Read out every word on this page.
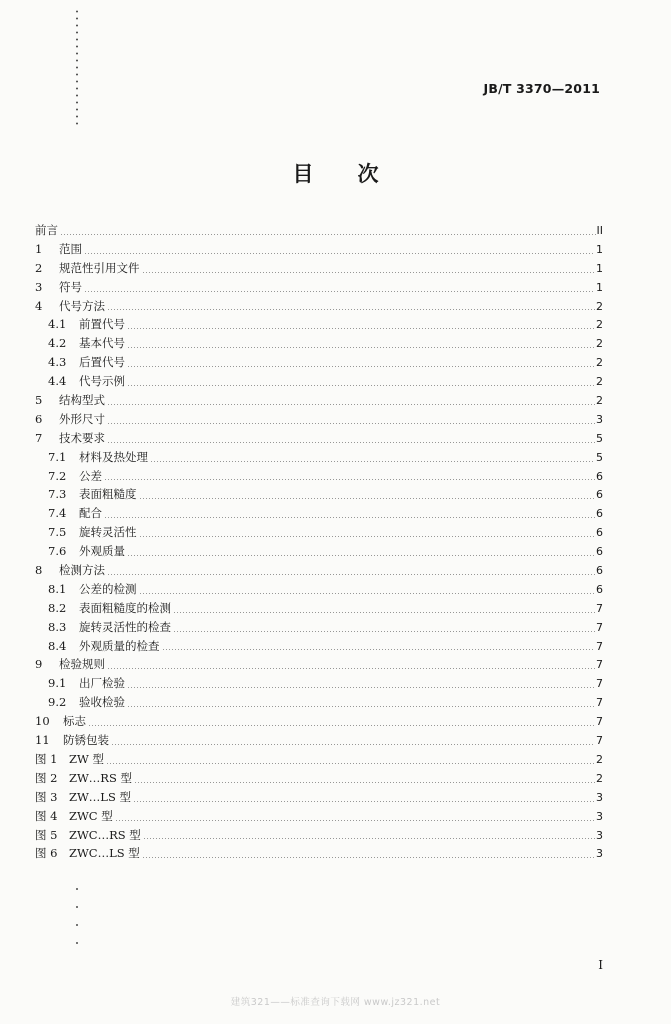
JB/T 3370—2011
目次
前言	II
1	范围	1
2	规范性引用文件	1
3	符号	1
4	代号方法	2
4.1	前置代号	2
4.2	基本代号	2
4.3	后置代号	2
4.4	代号示例	2
5	结构型式	2
6	外形尺寸	3
7	技术要求	5
7.1	材料及热处理	5
7.2	公差	6
7.3	表面粗糙度	6
7.4	配合	6
7.5	旋转灵活性	6
7.6	外观质量	6
8	检测方法	6
8.1	公差的检测	6
8.2	表面粗糙度的检测	7
8.3	旋转灵活性的检查	7
8.4	外观质量的检查	7
9	检验规则	7
9.1	出厂检验	7
9.2	验收检验	7
10	标志	7
11	防锈包装	7
图 1	ZW 型	2
图 2	ZW…RS 型	2
图 3	ZW…LS 型	3
图 4	ZWC 型	3
图 5	ZWC…RS 型	3
图 6	ZWC…LS 型	3
I
建筑321——标准查询下载网 www.jz321.net
